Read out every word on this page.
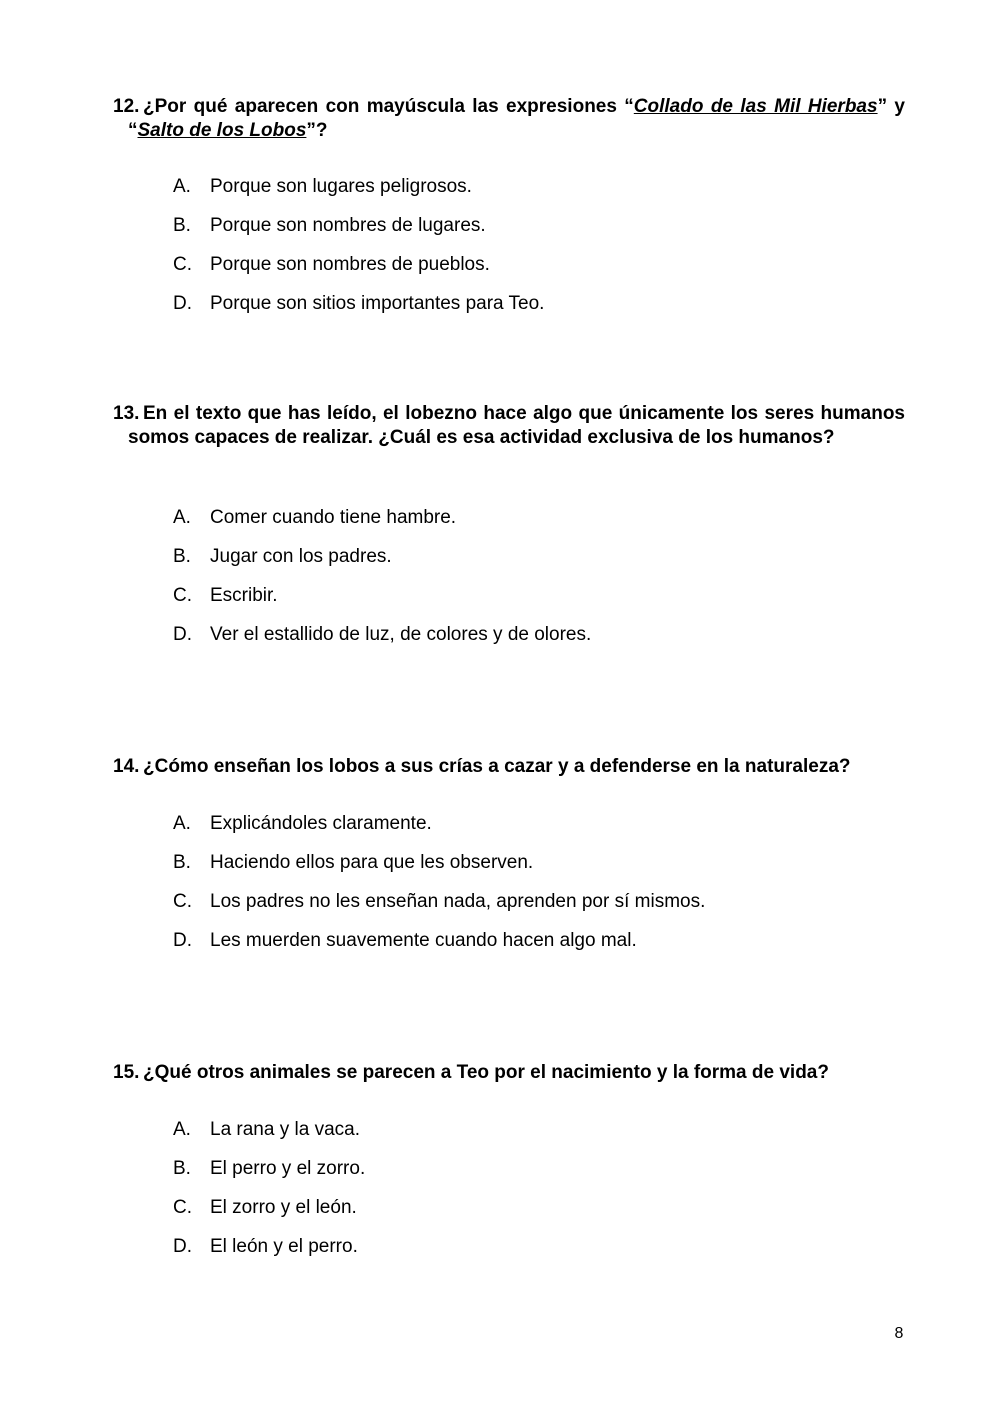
12. ¿Por qué aparecen con mayúscula las expresiones “Collado de las Mil Hierbas” y “Salto de los Lobos”?
A.	Porque son lugares peligrosos.
B.	Porque son nombres de lugares.
C. Porque son nombres de pueblos.
D. Porque son sitios importantes para Teo.
13. En el texto que has leído, el lobezno hace algo que únicamente los seres humanos somos capaces de realizar. ¿Cuál es esa actividad exclusiva de los humanos?
A.	Comer cuando tiene hambre.
B.	Jugar con los padres.
C. Escribir.
D. Ver el estallido de luz, de colores y de olores.
14. ¿Cómo enseñan los lobos a sus crías a cazar y a defenderse en la naturaleza?
A.	Explicándoles claramente.
B.	Haciendo ellos para que les observen.
C. Los padres no les enseñan nada, aprenden por sí mismos.
D. Les muerden suavemente cuando hacen algo mal.
15. ¿Qué otros animales se parecen a Teo por el nacimiento y la forma de vida?
A.	La rana y la vaca.
B.	El perro y el zorro.
C. El zorro y el león.
D. El león y el perro.
8
